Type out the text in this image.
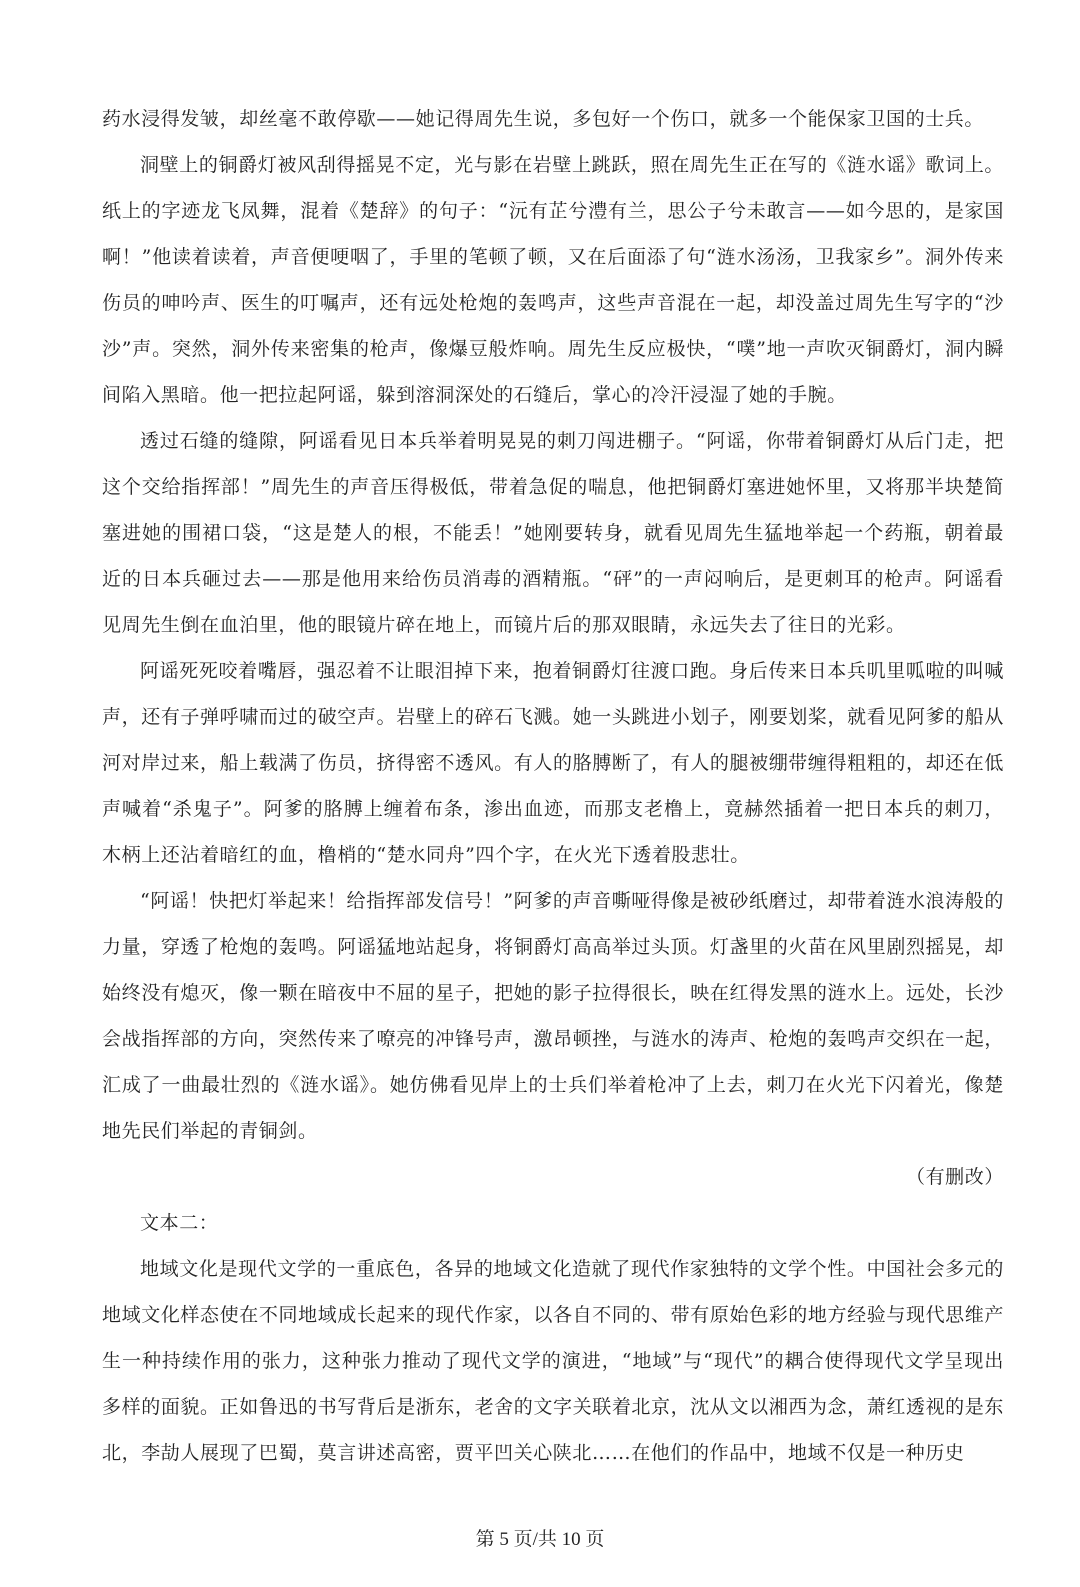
药水浸得发皱，却丝毫不敢停歇——她记得周先生说，多包好一个伤口，就多一个能保家卫国的士兵。

洞壁上的铜爵灯被风刮得摇晃不定，光与影在岩壁上跳跃，照在周先生正在写的《涟水谣》歌词上。纸上的字迹龙飞凤舞，混着《楚辞》的句子：“沅有芷兮澧有兰，思公子兮未敢言——如今思的，是家国啊！”他读着读着，声音便哽咽了，手里的笔顿了顿，又在后面添了句“涟水汤汤，卫我家乡”。洞外传来伤员的呻吟声、医生的叮嘱声，还有远处枪炮的轰鸣声，这些声音混在一起，却没盖过周先生写字的“沙沙”声。突然，洞外传来密集的枪声，像爆豆般炸响。周先生反应极快，“噗”地一声吹灭铜爵灯，洞内瞬间陷入黑暗。他一把拉起阿谣，躲到溶洞深处的石缝后，掌心的冷汗浸湿了她的手腕。

透过石缝的缝隙，阿谣看见日本兵举着明晃晃的刺刀闯进棚子。“阿谣，你带着铜爵灯从后门走，把这个交给指挥部！”周先生的声音压得极低，带着急促的喘息，他把铜爵灯塞进她怀里，又将那半块楚简塞进她的围裙口袋，“这是楚人的根，不能丢！”她刚要转身，就看见周先生猛地举起一个药瓶，朝着最近的日本兵砸过去——那是他用来给伤员消毒的酒精瓶。“砰”的一声闷响后，是更刺耳的枪声。阿谣看见周先生倒在血泊里，他的眼镜片碎在地上，而镜片后的那双眼睛，永远失去了往日的光彩。

阿谣死死咬着嘴唇，强忍着不让眼泪掉下来，抱着铜爵灯往渡口跑。身后传来日本兵叽里呱啦的叫喊声，还有子弹呼啸而过的破空声。岩壁上的碎石飞溅。她一头跳进小划子，刚要划桨，就看见阿爹的船从河对岸过来，船上载满了伤员，挤得密不透风。有人的胳膊断了，有人的腿被绷带缠得粗粗的，却还在低声喊着“杀鬼子”。阿爹的胳膊上缠着布条，渗出血迹，而那支老橹上，竟赫然插着一把日本兵的刺刀，木柄上还沾着暗红的血，橹梢的“楚水同舟”四个字，在火光下透着股悲壮。

“阿谣！快把灯举起来！给指挥部发信号！”阿爹的声音嘶哑得像是被砂纸磨过，却带着涟水浪涛般的力量，穿透了枪炮的轰鸣。阿谣猛地站起身，将铜爵灯高高举过头顶。灯盏里的火苗在风里剧烈摇晃，却始终没有熄灭，像一颗在暗夜中不屈的星子，把她的影子拉得很长，映在红得发黑的涟水上。远处，长沙会战指挥部的方向，突然传来了嘹亮的冲锋号声，激昂顿挫，与涟水的涛声、枪炮的轰鸣声交织在一起，汇成了一曲最壮烈的《涟水谣》。她仿佛看见岸上的士兵们举着枪冲了上去，刺刀在火光下闪着光，像楚地先民们举起的青铜剑。

（有删改）

文本二：

地域文化是现代文学的一重底色，各异的地域文化造就了现代作家独特的文学个性。中国社会多元的地域文化样态使在不同地域成长起来的现代作家，以各自不同的、带有原始色彩的地方经验与现代思维产生一种持续作用的张力，这种张力推动了现代文学的演进，“地域”与“现代”的耦合使得现代文学呈现出多样的面貌。正如鲁迅的书写背后是浙东，老舍的文字关联着北京，沈从文以湘西为念，萧红透视的是东北，李劼人展现了巴蜀，莫言讲述高密，贾平凹关心陕北……在他们的作品中，地域不仅是一种历史

第 5 页/共 10 页
